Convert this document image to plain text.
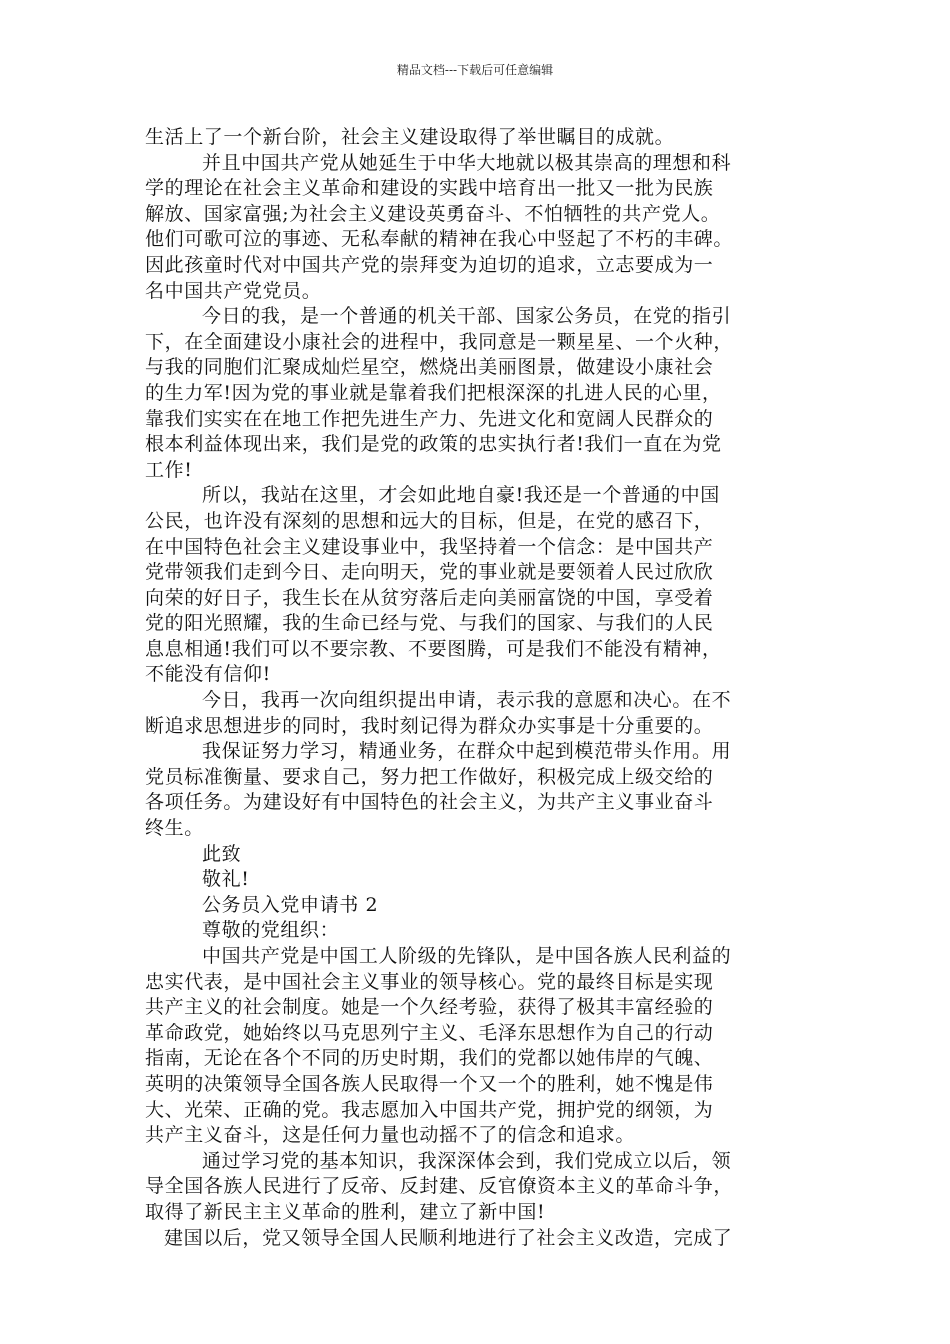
精品文档---下载后可任意编辑
生活上了一个新台阶，社会主义建设取得了举世瞩目的成就。
并且中国共产党从她延生于中华大地就以极其崇高的理想和科
学的理论在社会主义革命和建设的实践中培育出一批又一批为民族
解放、国家富强;为社会主义建设英勇奋斗、不怕牺牲的共产党人。
他们可歌可泣的事迹、无私奉献的精神在我心中竖起了不朽的丰碑。
因此孩童时代对中国共产党的崇拜变为迫切的追求，立志要成为一
名中国共产党党员。
今日的我，是一个普通的机关干部、国家公务员，在党的指引
下，在全面建设小康社会的进程中，我同意是一颗星星、一个火种，
与我的同胞们汇聚成灿烂星空，燃烧出美丽图景，做建设小康社会
的生力军!因为党的事业就是靠着我们把根深深的扎进人民的心里，
靠我们实实在在地工作把先进生产力、先进文化和宽阔人民群众的
根本利益体现出来，我们是党的政策的忠实执行者!我们一直在为党
工作!
所以，我站在这里，才会如此地自豪!我还是一个普通的中国
公民，也许没有深刻的思想和远大的目标，但是，在党的感召下，
在中国特色社会主义建设事业中，我坚持着一个信念：是中国共产
党带领我们走到今日、走向明天，党的事业就是要领着人民过欣欣
向荣的好日子，我生长在从贫穷落后走向美丽富饶的中国，享受着
党的阳光照耀，我的生命已经与党、与我们的国家、与我们的人民
息息相通!我们可以不要宗教、不要图腾，可是我们不能没有精神，
不能没有信仰!
今日，我再一次向组织提出申请，表示我的意愿和决心。在不
断追求思想进步的同时，我时刻记得为群众办实事是十分重要的。
我保证努力学习，精通业务，在群众中起到模范带头作用。用
党员标准衡量、要求自己，努力把工作做好，积极完成上级交给的
各项任务。为建设好有中国特色的社会主义，为共产主义事业奋斗
终生。
此致
敬礼!
公务员入党申请书 2
尊敬的党组织：
中国共产党是中国工人阶级的先锋队，是中国各族人民利益的
忠实代表，是中国社会主义事业的领导核心。党的最终目标是实现
共产主义的社会制度。她是一个久经考验，获得了极其丰富经验的
革命政党，她始终以马克思列宁主义、毛泽东思想作为自己的行动
指南，无论在各个不同的历史时期，我们的党都以她伟岸的气魄、
英明的决策领导全国各族人民取得一个又一个的胜利，她不愧是伟
大、光荣、正确的党。我志愿加入中国共产党，拥护党的纲领，为
共产主义奋斗，这是任何力量也动摇不了的信念和追求。
通过学习党的基本知识，我深深体会到，我们党成立以后，领
导全国各族人民进行了反帝、反封建、反官僚资本主义的革命斗争，
取得了新民主主义革命的胜利，建立了新中国!
建国以后，党又领导全国人民顺利地进行了社会主义改造，完成了
